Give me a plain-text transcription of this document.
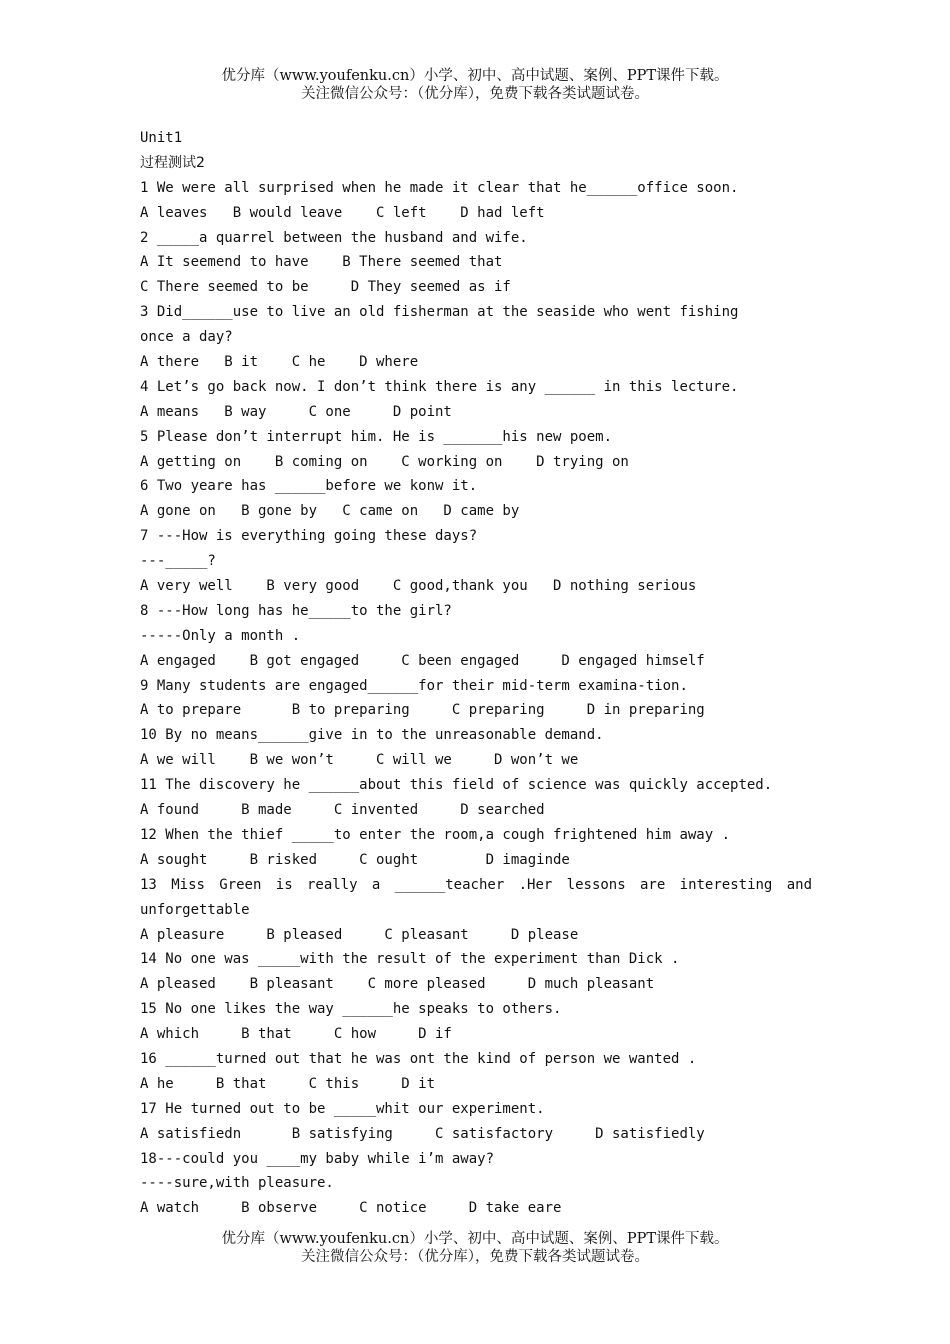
优分库（www.youfenku.cn）小学、初中、高中试题、案例、PPT课件下载。
关注微信公众号：（优分库），免费下载各类试题试卷。
Unit1
过程测试2
1 We were all surprised when he made it clear that he______office soon.
A leaves   B would leave    C left    D had left
2 _____a quarrel between the husband and wife.
A It seemend to have    B There seemed that
C There seemed to be     D They seemed as if
3 Did______use to live an old fisherman at the seaside who went fishing
once a day?
A there   B it    C he    D where
4 Let’s go back now. I don’t think there is any ______ in this lecture.
A means   B way     C one     D point
5 Please don’t interrupt him. He is _______his new poem.
A getting on    B coming on    C working on    D trying on
6 Two yeare has ______before we konw it.
A gone on   B gone by   C came on   D came by
7 ---How is everything going these days?
---_____?
A very well    B very good    C good,thank you   D nothing serious
8 ---How long has he_____to the girl?
-----Only a month .
A engaged    B got engaged     C been engaged     D engaged himself
9 Many students are engaged______for their mid-term examina-tion.
A to prepare      B to preparing     C preparing     D in preparing
10 By no means______give in to the unreasonable demand.
A we will    B we won’t     C will we     D won’t we
11 The discovery he ______about this field of science was quickly accepted.
A found     B made     C invented     D searched
12 When the thief _____to enter the room,a cough frightened him away .
A sought     B risked     C ought        D imaginde
13 Miss Green is really a ______teacher .Her lessons are interesting and
unforgettable
A pleasure     B pleased     C pleasant     D please
14 No one was _____with the result of the experiment than Dick .
A pleased    B pleasant    C more pleased     D much pleasant
15 No one likes the way ______he speaks to others.
A which     B that     C how     D if
16 ______turned out that he was ont the kind of person we wanted .
A he     B that     C this     D it
17 He turned out to be _____whit our experiment.
A satisfiedn      B satisfying     C satisfactory     D satisfiedly
18---could you ____my baby while i’m away?
----sure,with pleasure.
A watch     B observe     C notice     D take eare
优分库（www.youfenku.cn）小学、初中、高中试题、案例、PPT课件下载。
关注微信公众号：（优分库），免费下载各类试题试卷。
